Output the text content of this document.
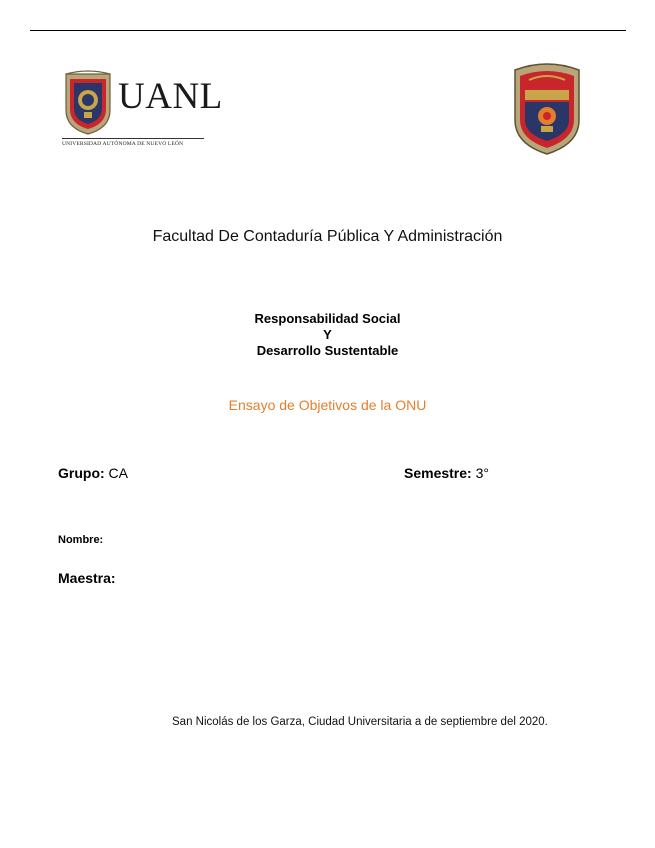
UANL
UNIVERSIDAD AUTÓNOMA DE NUEVO LEÓN
Facultad De Contaduría Pública Y Administración
Responsabilidad Social
Y
Desarrollo Sustentable
Ensayo de Objetivos de la ONU
Grupo: CA	Semestre: 3°
Nombre:
Maestra:
San Nicolás de los Garza, Ciudad Universitaria a de septiembre del 2020.
